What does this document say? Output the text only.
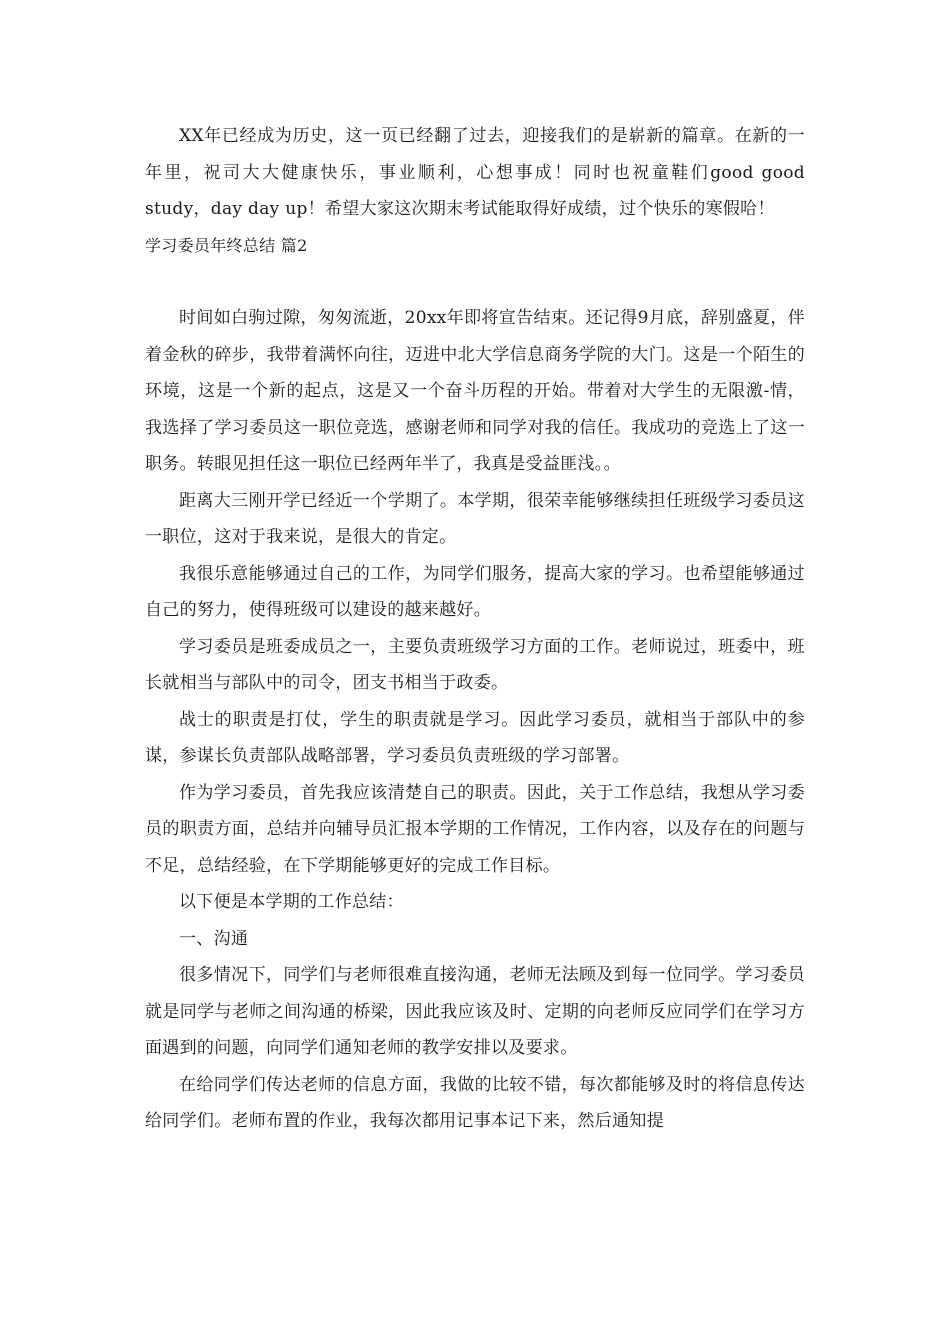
XX年已经成为历史，这一页已经翻了过去，迎接我们的是崭新的篇章。在新的一年里，祝司大大健康快乐，事业顺利，心想事成！同时也祝童鞋们good good study，day day up！希望大家这次期末考试能取得好成绩，过个快乐的寒假哈！

学习委员年终总结 篇2

时间如白驹过隙，匆匆流逝，20xx年即将宣告结束。还记得9月底，辞别盛夏，伴着金秋的碎步，我带着满怀向往，迈进中北大学信息商务学院的大门。这是一个陌生的环境，这是一个新的起点，这是又一个奋斗历程的开始。带着对大学生的无限激-情，我选择了学习委员这一职位竞选，感谢老师和同学对我的信任。我成功的竞选上了这一职务。转眼见担任这一职位已经两年半了，我真是受益匪浅。。

距离大三刚开学已经近一个学期了。本学期，很荣幸能够继续担任班级学习委员这一职位，这对于我来说，是很大的肯定。

我很乐意能够通过自己的工作，为同学们服务，提高大家的学习。也希望能够通过自己的努力，使得班级可以建设的越来越好。

学习委员是班委成员之一，主要负责班级学习方面的工作。老师说过，班委中，班长就相当与部队中的司令，团支书相当于政委。

战士的职责是打仗，学生的职责就是学习。因此学习委员，就相当于部队中的参谋，参谋长负责部队战略部署，学习委员负责班级的学习部署。

作为学习委员，首先我应该清楚自己的职责。因此，关于工作总结，我想从学习委员的职责方面，总结并向辅导员汇报本学期的工作情况，工作内容，以及存在的问题与不足，总结经验，在下学期能够更好的完成工作目标。

以下便是本学期的工作总结：

一、沟通

很多情况下，同学们与老师很难直接沟通，老师无法顾及到每一位同学。学习委员就是同学与老师之间沟通的桥梁，因此我应该及时、定期的向老师反应同学们在学习方面遇到的问题，向同学们通知老师的教学安排以及要求。

在给同学们传达老师的信息方面，我做的比较不错，每次都能够及时的将信息传达给同学们。老师布置的作业，我每次都用记事本记下来，然后通知提
